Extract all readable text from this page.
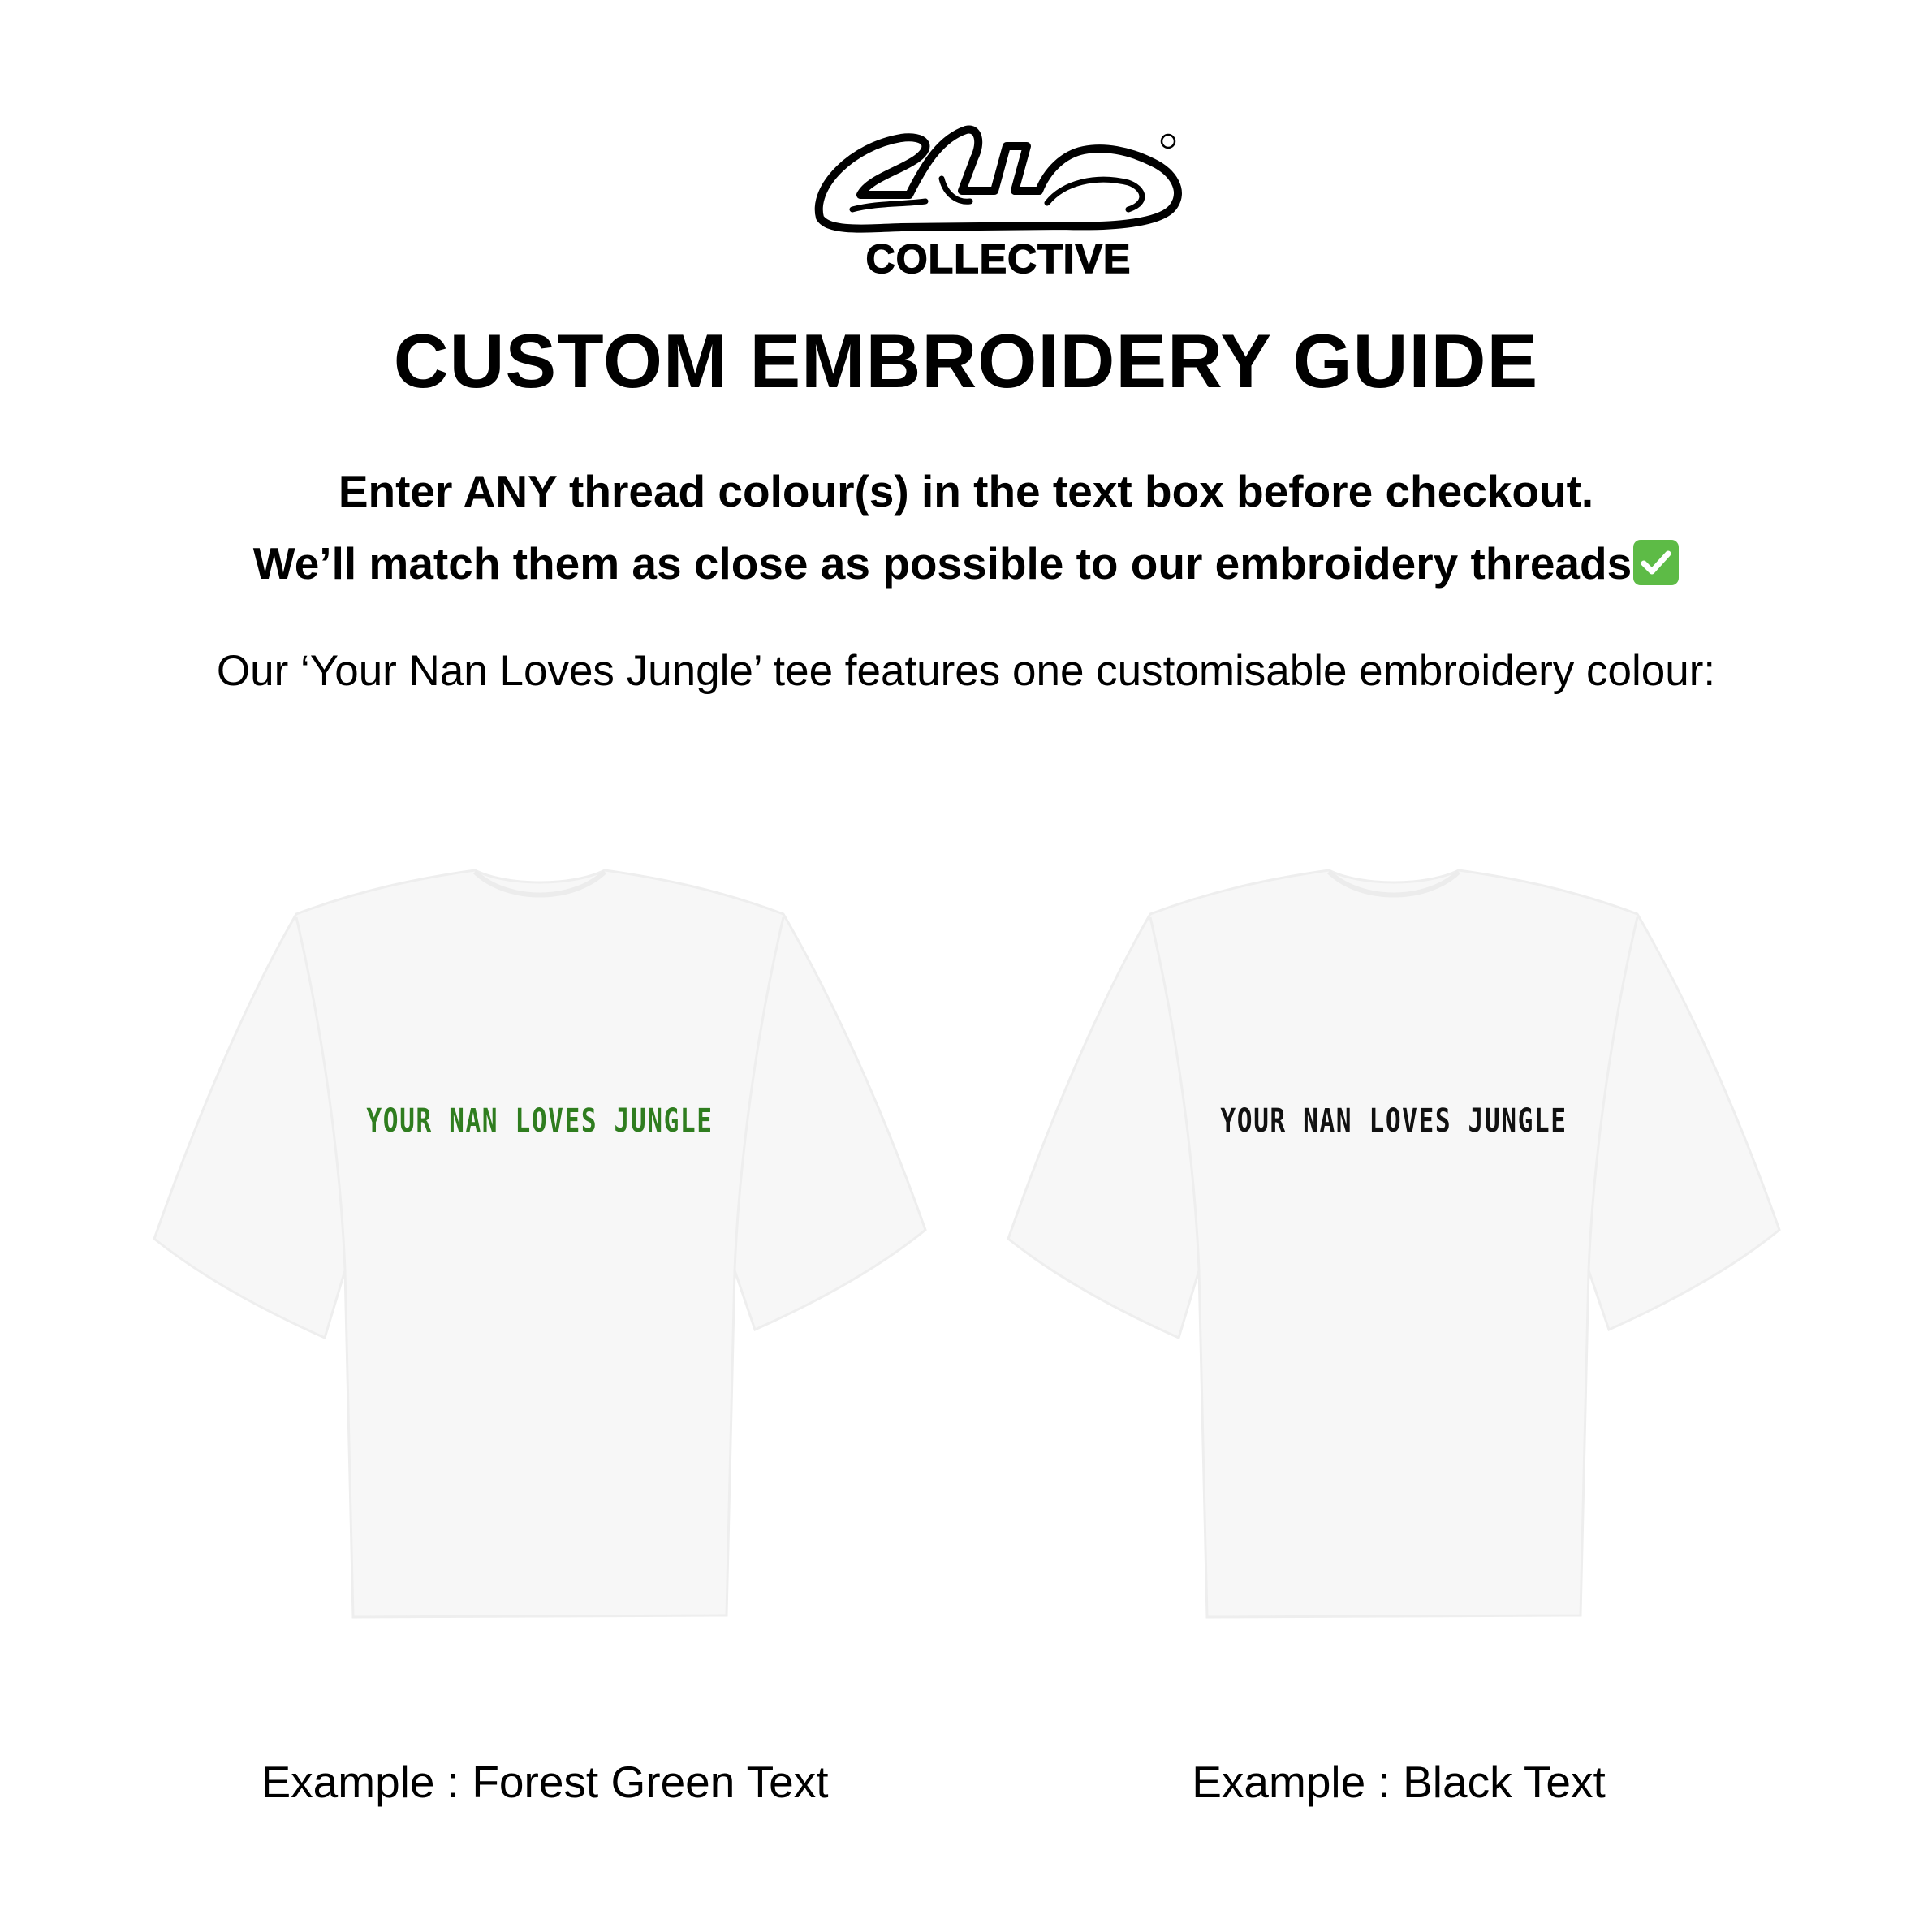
COLLECTIVE
CUSTOM EMBROIDERY GUIDE
Enter ANY thread colour(s) in the text box before checkout.
We’ll match them as close as possible to our embroidery threads
Our ‘Your Nan Loves Jungle’ tee features one customisable embroidery colour:
YOUR NAN LOVES JUNGLE	YOUR NAN LOVES JUNGLE
Example : Forest Green Text	Example : Black Text
